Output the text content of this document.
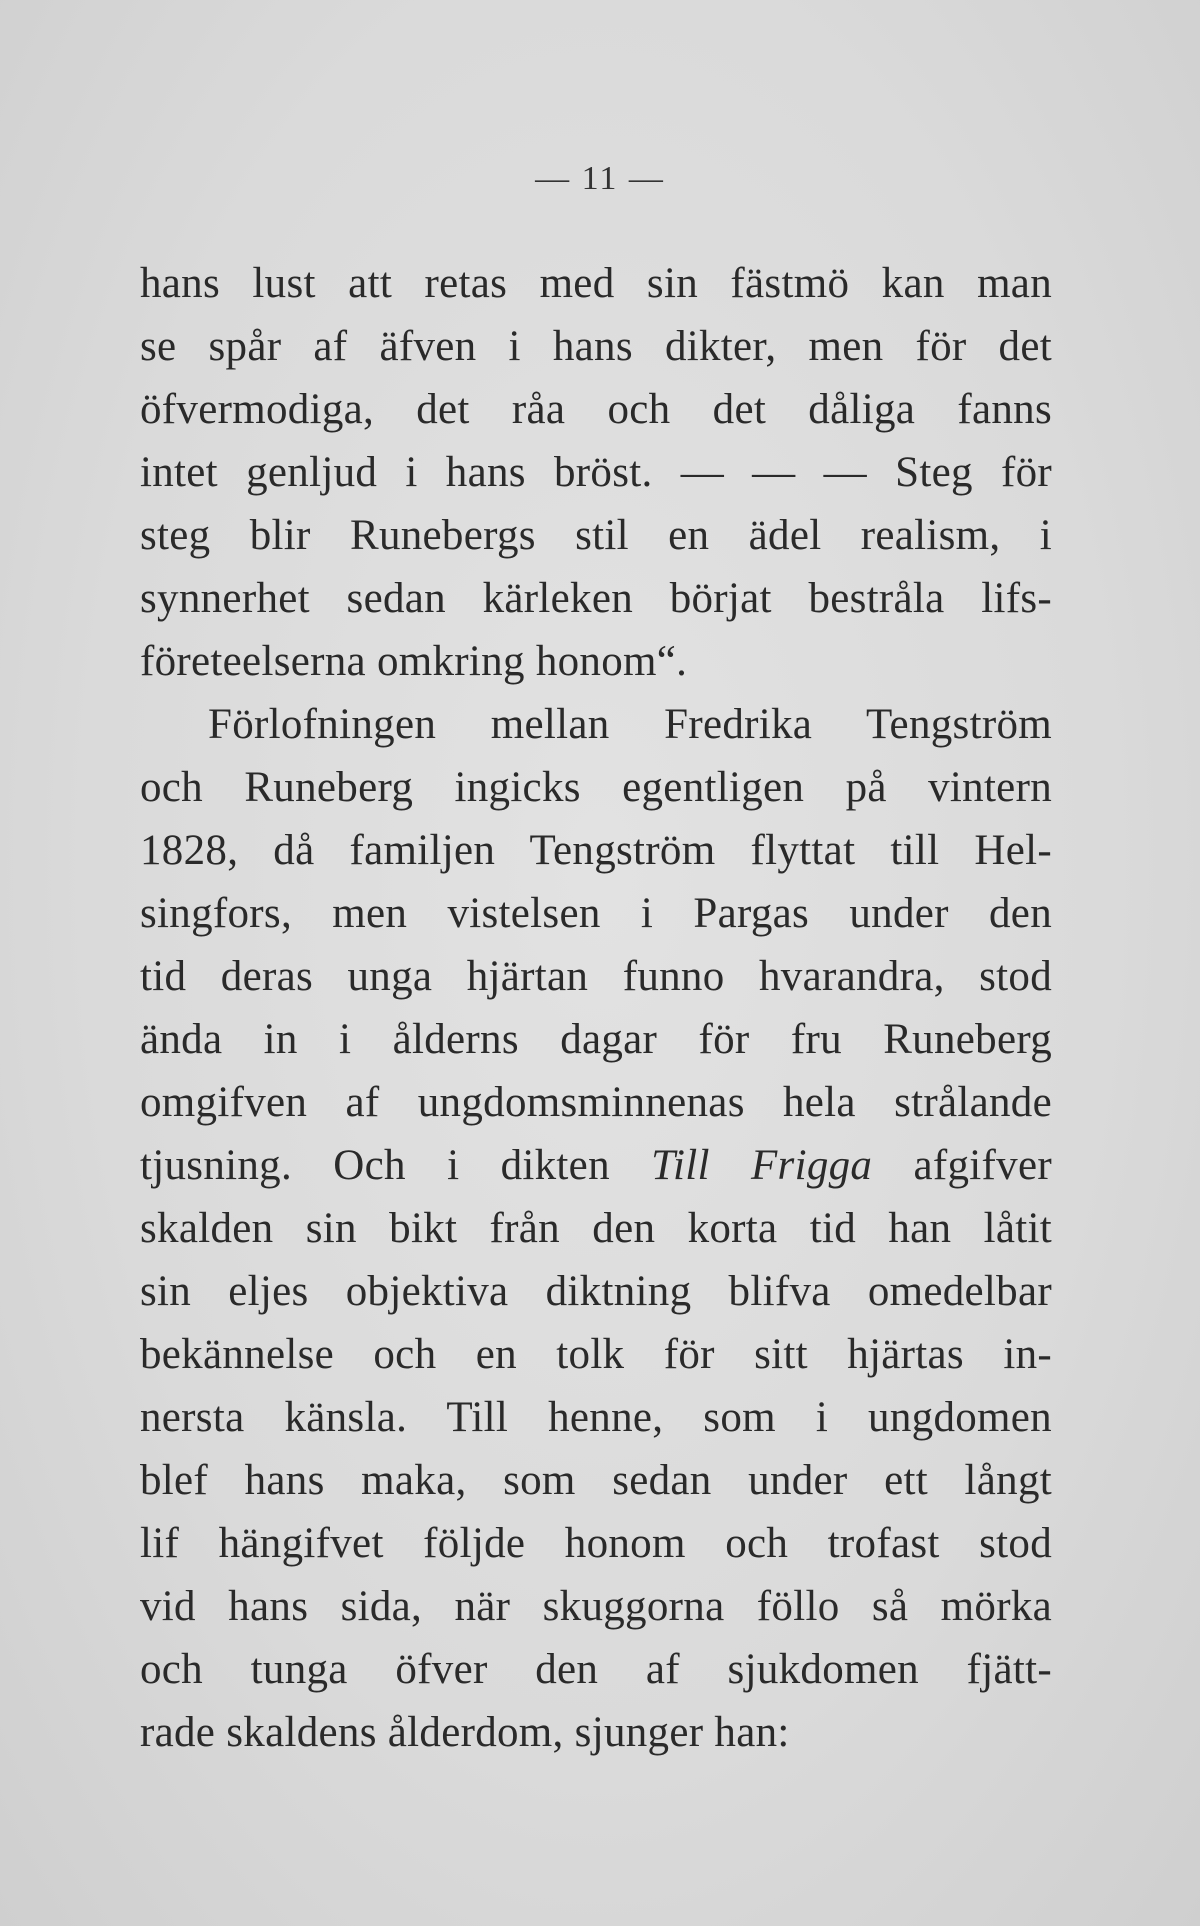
— 11 —
hans lust att retas med sin fästmö kan man
se spår af äfven i hans dikter, men för det
öfvermodiga, det råa och det dåliga fanns
intet genljud i hans bröst. — — — Steg för
steg blir Runebergs stil en ädel realism, i
synnerhet sedan kärleken börjat bestråla lifs-
företeelserna omkring honom“.
Förlofningen mellan Fredrika Tengström
och Runeberg ingicks egentligen på vintern
1828, då familjen Tengström flyttat till Hel-
singfors, men vistelsen i Pargas under den
tid deras unga hjärtan funno hvarandra, stod
ända in i ålderns dagar för fru Runeberg
omgifven af ungdomsminnenas hela strålande
tjusning. Och i dikten Till Frigga afgifver
skalden sin bikt från den korta tid han låtit
sin eljes objektiva diktning blifva omedelbar
bekännelse och en tolk för sitt hjärtas in-
nersta känsla. Till henne, som i ungdomen
blef hans maka, som sedan under ett långt
lif hängifvet följde honom och trofast stod
vid hans sida, när skuggorna föllo så mörka
och tunga öfver den af sjukdomen fjätt-
rade skaldens ålderdom, sjunger han:
